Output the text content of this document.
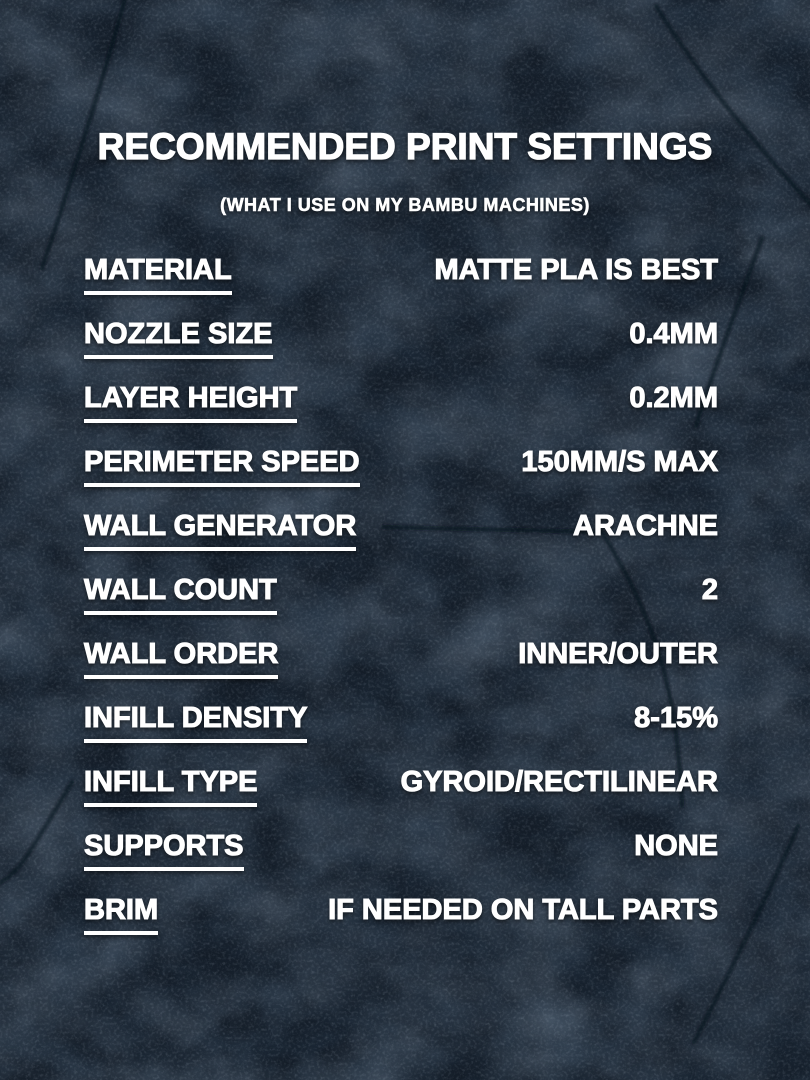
RECOMMENDED PRINT SETTINGS

(WHAT I USE ON MY BAMBU MACHINES)

MATERIAL	MATTE PLA IS BEST
NOZZLE SIZE	0.4MM
LAYER HEIGHT	0.2MM
PERIMETER SPEED	150MM/S MAX
WALL GENERATOR	ARACHNE
WALL COUNT	2
WALL ORDER	INNER/OUTER
INFILL DENSITY	8-15%
INFILL TYPE	GYROID/RECTILINEAR
SUPPORTS	NONE
BRIM	IF NEEDED ON TALL PARTS
